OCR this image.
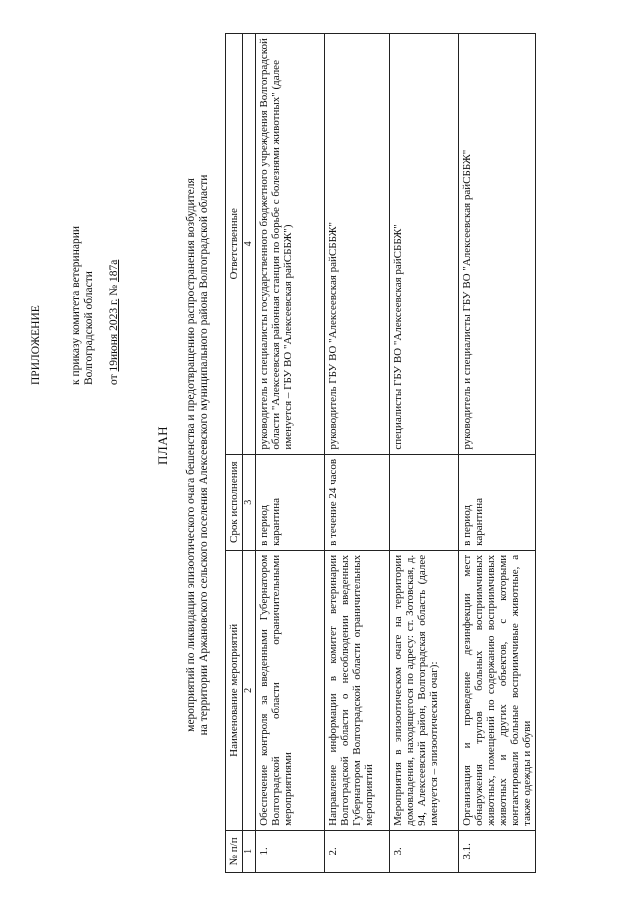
ПРИЛОЖЕНИЕ к приказу комитета ветеринарии Волгоградской области от 19июня 2023 г. № 187а
ПЛАН мероприятий по ликвидации эпизоотического очага бешенства и предотвращению распространения возбудителя на территории Аржановского сельского поселения Алексеевского муниципального района Волгоградской области
№ п/п	Наименование мероприятий	Срок исполнения	Ответственные
1	2	3	4
1.	Обеспечение контроля за введенными Губернатором Волгоградской области ограничительными мероприятиями	в период карантина	руководитель и специалисты государственного бюджетного учреждения Волгоградской области "Алексеевская районная станция по борьбе с болезнями животных" (далее именуется – ГБУ ВО "Алексеевская райСББЖ")
2.	Направление информации в комитет ветеринарии Волгоградской области о несоблюдении введенных Губернатором Волгоградской области ограничительных мероприятий	в течение 24 часов	руководитель ГБУ ВО "Алексеевская райСББЖ"
3.	Мероприятия в эпизоотическом очаге на территории домовладения, находящегося по адресу: ст. Зотовская, д. 94, Алексеевский район, Волгоградская область (далее именуется – эпизоотический очаг):		специалисты ГБУ ВО "Алексеевская райСББЖ"
3.1.	Организация и проведение дезинфекции мест обнаружения трупов больных восприимчивых животных, помещений по содержанию восприимчивых животных и других объектов, с которыми контактировали больные восприимчивые животные, а также одежды и обуви	в период карантина	руководитель и специалисты ГБУ ВО "Алексеевская райСББЖ"
